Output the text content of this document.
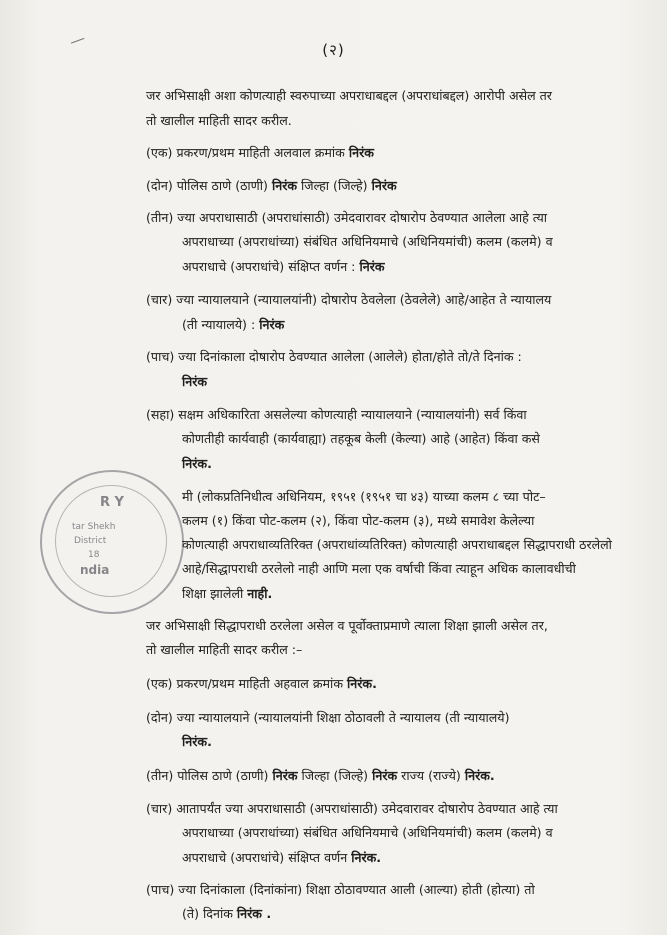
(२)
R Y
tar Shekh
District
18
ndia
जर अभिसाक्षी अशा कोणत्याही स्वरुपाच्या अपराधाबद्दल (अपराधांबद्दल) आरोपी असेल तर
तो खालील माहिती सादर करील.
(एक) प्रकरण/प्रथम माहिती अलवाल क्रमांक निरंक
(दोन) पोलिस ठाणे (ठाणी) निरंक जिल्हा (जिल्हे) निरंक
(तीन) ज्या अपराधासाठी (अपराधांसाठी) उमेदवारावर दोषारोप ठेवण्यात आलेला आहे त्या
अपराधाच्या (अपराधांच्या) संबंधित अधिनियमाचे (अधिनियमांची) कलम (कलमे) व
अपराधाचे (अपराधांचे) संक्षिप्त वर्णन : निरंक
(चार) ज्या न्यायालयाने (न्यायालयांनी) दोषारोप ठेवलेला (ठेवलेले) आहे/आहेत ते न्यायालय
(ती न्यायालये) : निरंक
(पाच) ज्या दिनांकाला दोषारोप ठेवण्यात आलेला (आलेले) होता/होते तो/ते दिनांक :
निरंक
(सहा) सक्षम अधिकारिता असलेल्या कोणत्याही न्यायालयाने (न्यायालयांनी) सर्व किंवा
कोणतीही कार्यवाही (कार्यवाह्या) तहकूब केली (केल्या) आहे (आहेत) किंवा कसे
निरंक.
मी (लोकप्रतिनिधीत्व अधिनियम, १९५१ (१९५१ चा ४३) याच्या कलम ८ च्या पोट–
कलम (१) किंवा पोट-कलम (२), किंवा पोट-कलम (३), मध्ये समावेश केलेल्या
कोणत्याही अपराधाव्यतिरिक्त (अपराधांव्यतिरिक्त) कोणत्याही अपराधाबद्दल सिद्धापराधी ठरलेलो
आहे/सिद्धापराधी ठरलेलो नाही आणि मला एक वर्षाची किंवा त्याहून अधिक कालावधीची
शिक्षा झालेली नाही.
जर अभिसाक्षी सिद्धापराधी ठरलेला असेल व पूर्वोक्ताप्रमाणे त्याला शिक्षा झाली असेल तर,
तो खालील माहिती सादर करील :–
(एक) प्रकरण/प्रथम माहिती अहवाल क्रमांक निरंक.
(दोन) ज्या न्यायालयाने (न्यायालयांनी शिक्षा ठोठावली ते न्यायालय (ती न्यायालये)
निरंक.
(तीन) पोलिस ठाणे (ठाणी) निरंक जिल्हा (जिल्हे) निरंक राज्य (राज्ये) निरंक.
(चार) आतापर्यंत ज्या अपराधासाठी (अपराधांसाठी) उमेदवारावर दोषारोप ठेवण्यात आहे त्या
अपराधाच्या (अपराधांच्या) संबंधित अधिनियमाचे (अधिनियमांची) कलम (कलमे) व
अपराधाचे (अपराधांचे) संक्षिप्त वर्णन निरंक.
(पाच) ज्या दिनांकाला (दिनांकांना) शिक्षा ठोठावण्यात आली (आल्या) होती (होत्या) तो
(ते) दिनांक निरंक .
